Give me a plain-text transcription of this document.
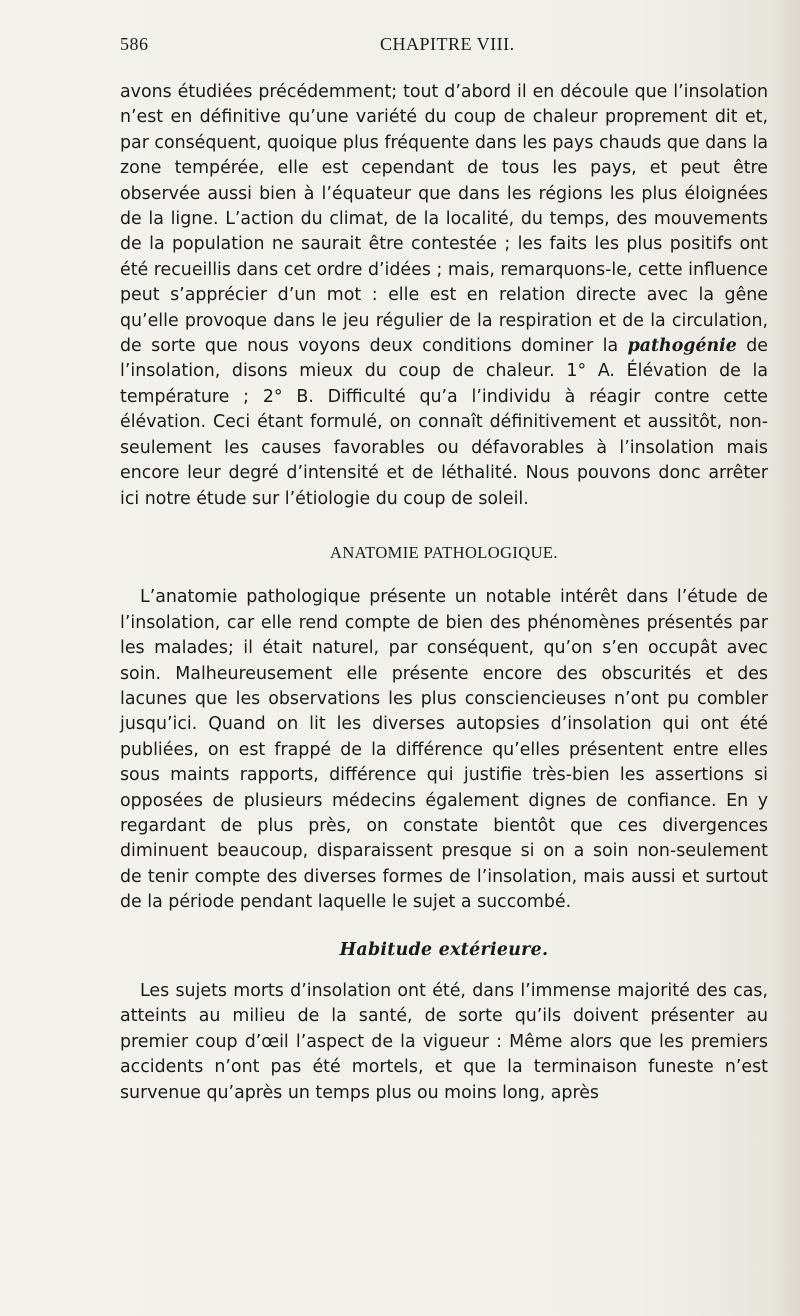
586	CHAPITRE VIII.

avons étudiées précédemment; tout d’abord il en découle que l’insolation n’est en définitive qu’une variété du coup de chaleur proprement dit et, par conséquent, quoique plus fréquente dans les pays chauds que dans la zone tempérée, elle est cependant de tous les pays, et peut être observée aussi bien à l’équateur que dans les régions les plus éloignées de la ligne. L’action du climat, de la localité, du temps, des mouvements de la population ne saurait être contestée ; les faits les plus positifs ont été recueillis dans cet ordre d’idées ; mais, remarquons-le, cette influence peut s’apprécier d’un mot : elle est en relation directe avec la gêne qu’elle provoque dans le jeu régulier de la respiration et de la circulation, de sorte que nous voyons deux conditions dominer la pathogénie de l’insolation, disons mieux du coup de chaleur. 1° A. Élévation de la température ; 2° B. Difficulté qu’a l’individu à réagir contre cette élévation. Ceci étant formulé, on connaît définitivement et aussitôt, non-seulement les causes favorables ou défavorables à l’insolation mais encore leur degré d’intensité et de léthalité. Nous pouvons donc arrêter ici notre étude sur l’étiologie du coup de soleil.

ANATOMIE PATHOLOGIQUE.

L’anatomie pathologique présente un notable intérêt dans l’étude de l’insolation, car elle rend compte de bien des phénomènes présentés par les malades; il était naturel, par conséquent, qu’on s’en occupât avec soin. Malheureusement elle présente encore des obscurités et des lacunes que les observations les plus consciencieuses n’ont pu combler jusqu’ici. Quand on lit les diverses autopsies d’insolation qui ont été publiées, on est frappé de la différence qu’elles présentent entre elles sous maints rapports, différence qui justifie très-bien les assertions si opposées de plusieurs médecins également dignes de confiance. En y regardant de plus près, on constate bientôt que ces divergences diminuent beaucoup, disparaissent presque si on a soin non-seulement de tenir compte des diverses formes de l’insolation, mais aussi et surtout de la période pendant laquelle le sujet a succombé.

Habitude extérieure.

Les sujets morts d’insolation ont été, dans l’immense majorité des cas, atteints au milieu de la santé, de sorte qu’ils doivent présenter au premier coup d’œil l’aspect de la vigueur : Même alors que les premiers accidents n’ont pas été mortels, et que la terminaison funeste n’est survenue qu’après un temps plus ou moins long, après
